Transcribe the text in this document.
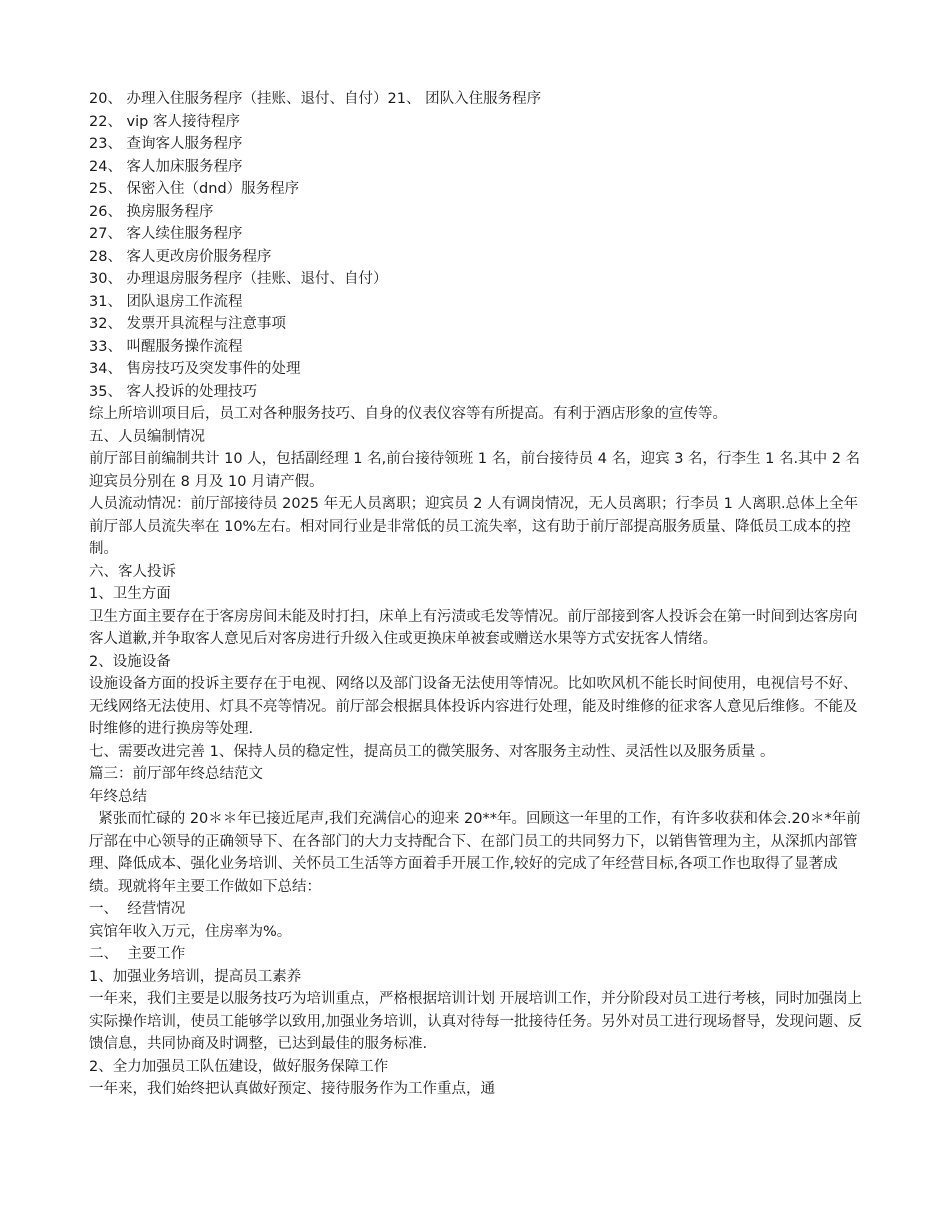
20、 办理入住服务程序（挂账、退付、自付）21、 团队入住服务程序
22、 vip 客人接待程序
23、 查询客人服务程序
24、 客人加床服务程序
25、 保密入住（dnd）服务程序
26、 换房服务程序
27、 客人续住服务程序
28、 客人更改房价服务程序
30、 办理退房服务程序（挂账、退付、自付）
31、 团队退房工作流程
32、 发票开具流程与注意事项
33、 叫醒服务操作流程
34、 售房技巧及突发事件的处理
35、 客人投诉的处理技巧
综上所培训项目后，员工对各种服务技巧、自身的仪表仪容等有所提高。有利于酒店形象的宣传等。
五、人员编制情况
前厅部目前编制共计 10 人，包括副经理 1 名,前台接待领班 1 名，前台接待员 4 名，迎宾 3 名，行李生 1 名.其中 2 名迎宾员分别在 8 月及 10 月请产假。
人员流动情况：前厅部接待员 2025 年无人员离职；迎宾员 2 人有调岗情况，无人员离职；行李员 1 人离职.总体上全年前厅部人员流失率在 10%左右。相对同行业是非常低的员工流失率，这有助于前厅部提高服务质量、降低员工成本的控制。
六、客人投诉
1、卫生方面
卫生方面主要存在于客房房间未能及时打扫，床单上有污渍或毛发等情况。前厅部接到客人投诉会在第一时间到达客房向客人道歉,并争取客人意见后对客房进行升级入住或更换床单被套或赠送水果等方式安抚客人情绪。
2、设施设备
设施设备方面的投诉主要存在于电视、网络以及部门设备无法使用等情况。比如吹风机不能长时间使用，电视信号不好、无线网络无法使用、灯具不亮等情况。前厅部会根据具体投诉内容进行处理，能及时维修的征求客人意见后维修。不能及时维修的进行换房等处理.
七、需要改进完善 1、保持人员的稳定性，提高员工的微笑服务、对客服务主动性、灵活性以及服务质量 。
篇三：前厅部年终总结范文
年终总结
紧张而忙碌的 20＊＊年已接近尾声,我们充满信心的迎来 20**年。回顾这一年里的工作，有许多收获和体会.20＊*年前厅部在中心领导的正确领导下、在各部门的大力支持配合下、在部门员工的共同努力下，以销售管理为主，从深抓内部管理、降低成本、强化业务培训、关怀员工生活等方面着手开展工作,较好的完成了年经营目标,各项工作也取得了显著成绩。现就将年主要工作做如下总结：
一、  经营情况
宾馆年收入万元，住房率为%。
二、  主要工作
1、加强业务培训，提高员工素养
一年来，我们主要是以服务技巧为培训重点，严格根据培训计划 开展培训工作，并分阶段对员工进行考核，同时加强岗上实际操作培训，使员工能够学以致用,加强业务培训，认真对待每一批接待任务。另外对员工进行现场督导，发现问题、反馈信息，共同协商及时调整，已达到最佳的服务标准.
2、全力加强员工队伍建设，做好服务保障工作
一年来，我们始终把认真做好预定、接待服务作为工作重点，通
